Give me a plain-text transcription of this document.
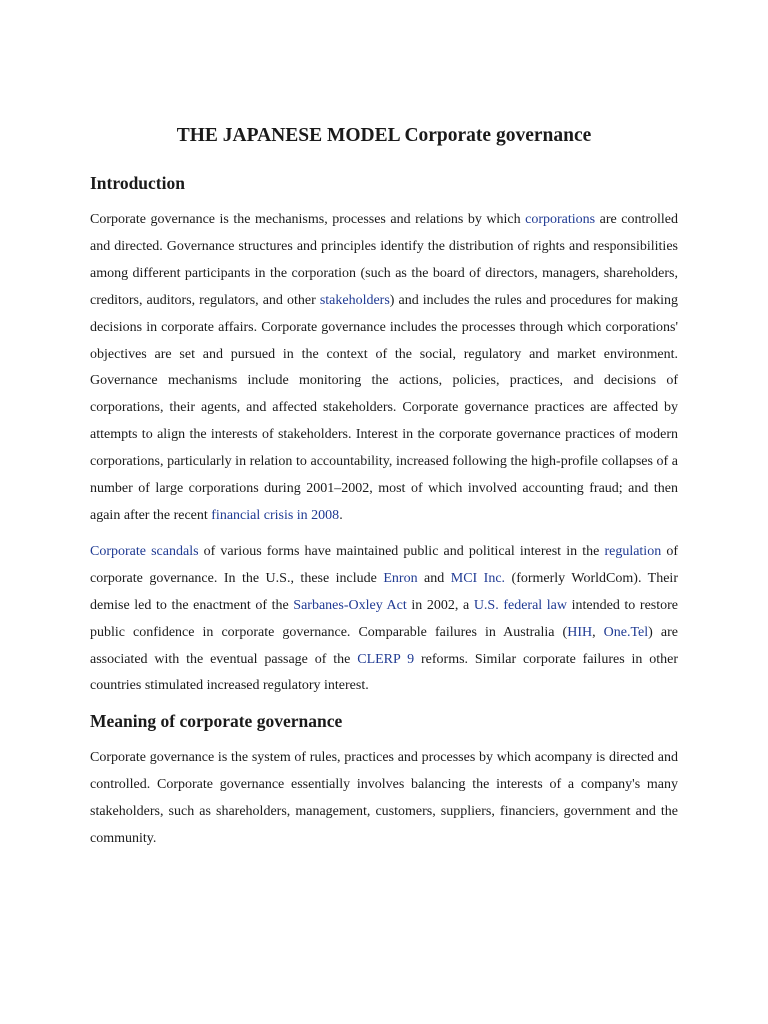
THE JAPANESE MODEL Corporate governance
Introduction

Corporate governance is the mechanisms, processes and relations by which corporations are controlled and directed. Governance structures and principles identify the distribution of rights and responsibilities among different participants in the corporation (such as the board of directors, managers, shareholders, creditors, auditors, regulators, and other stakeholders) and includes the rules and procedures for making decisions in corporate affairs. Corporate governance includes the processes through which corporations' objectives are set and pursued in the context of the social, regulatory and market environment. Governance mechanisms include monitoring the actions, policies, practices, and decisions of corporations, their agents, and affected stakeholders. Corporate governance practices are affected by attempts to align the interests of stakeholders. Interest in the corporate governance practices of modern corporations, particularly in relation to accountability, increased following the high-profile collapses of a number of large corporations during 2001–2002, most of which involved accounting fraud; and then again after the recent financial crisis in 2008.

Corporate scandals of various forms have maintained public and political interest in the regulation of corporate governance. In the U.S., these include Enron and MCI Inc. (formerly WorldCom). Their demise led to the enactment of the Sarbanes-Oxley Act in 2002, a U.S. federal law intended to restore public confidence in corporate governance. Comparable failures in Australia (HIH, One.Tel) are associated with the eventual passage of the CLERP 9 reforms. Similar corporate failures in other countries stimulated increased regulatory interest.

Meaning of corporate governance

Corporate governance is the system of rules, practices and processes by which acompany is directed and controlled. Corporate governance essentially involves balancing the interests of a company's many stakeholders, such as shareholders, management, customers, suppliers, financiers, government and the community.
